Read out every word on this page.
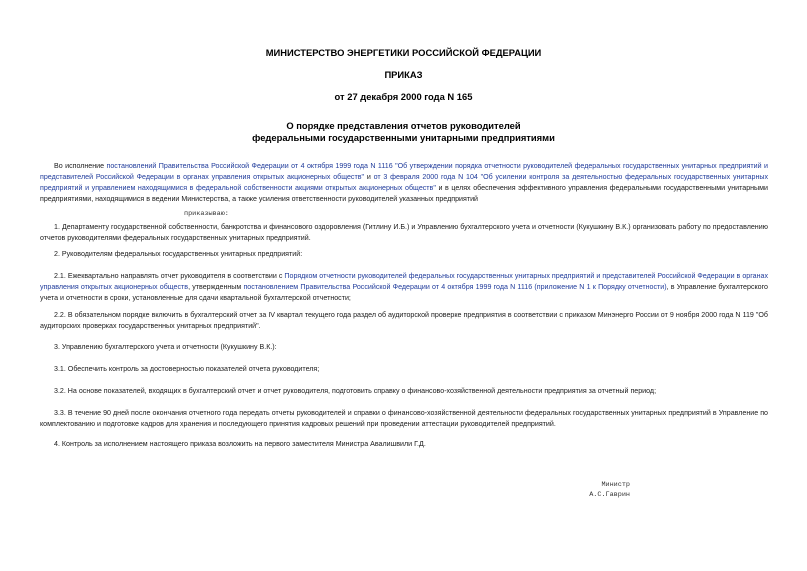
МИНИСТЕРСТВО ЭНЕРГЕТИКИ РОССИЙСКОЙ ФЕДЕРАЦИИ
ПРИКАЗ
от 27 декабря 2000 года N 165
О порядке представления отчетов руководителей
федеральными государственными унитарными предприятиями

Во исполнение постановлений Правительства Российской Федерации от 4 октября 1999 года N 1116 "Об утверждении порядка отчетности руководителей федеральных государственных унитарных предприятий и представителей Российской Федерации в органах управления открытых акционерных обществ" и от 3 февраля 2000 года N 104 "Об усилении контроля за деятельностью федеральных государственных унитарных предприятий и управлением находящимися в федеральной собственности акциями открытых акционерных обществ" и в целях обеспечения эффективного управления федеральными государственными унитарными предприятиями, находящимися в ведении Министерства, а также усиления ответственности руководителей указанных предприятий

приказываю:

1. Департаменту государственной собственности, банкротства и финансового оздоровления (Гитлину И.Б.) и Управлению бухгалтерского учета и отчетности (Кукушкину В.К.) организовать работу по предоставлению отчетов руководителями федеральных государственных унитарных предприятий.

2. Руководителям федеральных государственных унитарных предприятий:

2.1. Ежеквартально направлять отчет руководителя в соответствии с Порядком отчетности руководителей федеральных государственных унитарных предприятий и представителей Российской Федерации в органах управления открытых акционерных обществ, утвержденным постановлением Правительства Российской Федерации от 4 октября 1999 года N 1116 (приложение N 1 к Порядку отчетности), в Управление бухгалтерского учета и отчетности в сроки, установленные для сдачи квартальной бухгалтерской отчетности;

2.2. В обязательном порядке включить в бухгалтерский отчет за IV квартал текущего года раздел об аудиторской проверке предприятия в соответствии с приказом Минэнерго России от 9 ноября 2000 года N 119 "Об аудиторских проверках государственных унитарных предприятий".

3. Управлению бухгалтерского учета и отчетности (Кукушкину В.К.):

3.1. Обеспечить контроль за достоверностью показателей отчета руководителя;

3.2. На основе показателей, входящих в бухгалтерский отчет и отчет руководителя, подготовить справку о финансово-хозяйственной деятельности предприятия за отчетный период;

3.3. В течение 90 дней после окончания отчетного года передать отчеты руководителей и справки о финансово-хозяйственной деятельности федеральных государственных унитарных предприятий в Управление по комплектованию и подготовке кадров для хранения и последующего принятия кадровых решений при проведении аттестации руководителей предприятий.

4. Контроль за исполнением настоящего приказа возложить на первого заместителя Министра Авалишвили Г.Д.

Министр
А.С.Гаврин
